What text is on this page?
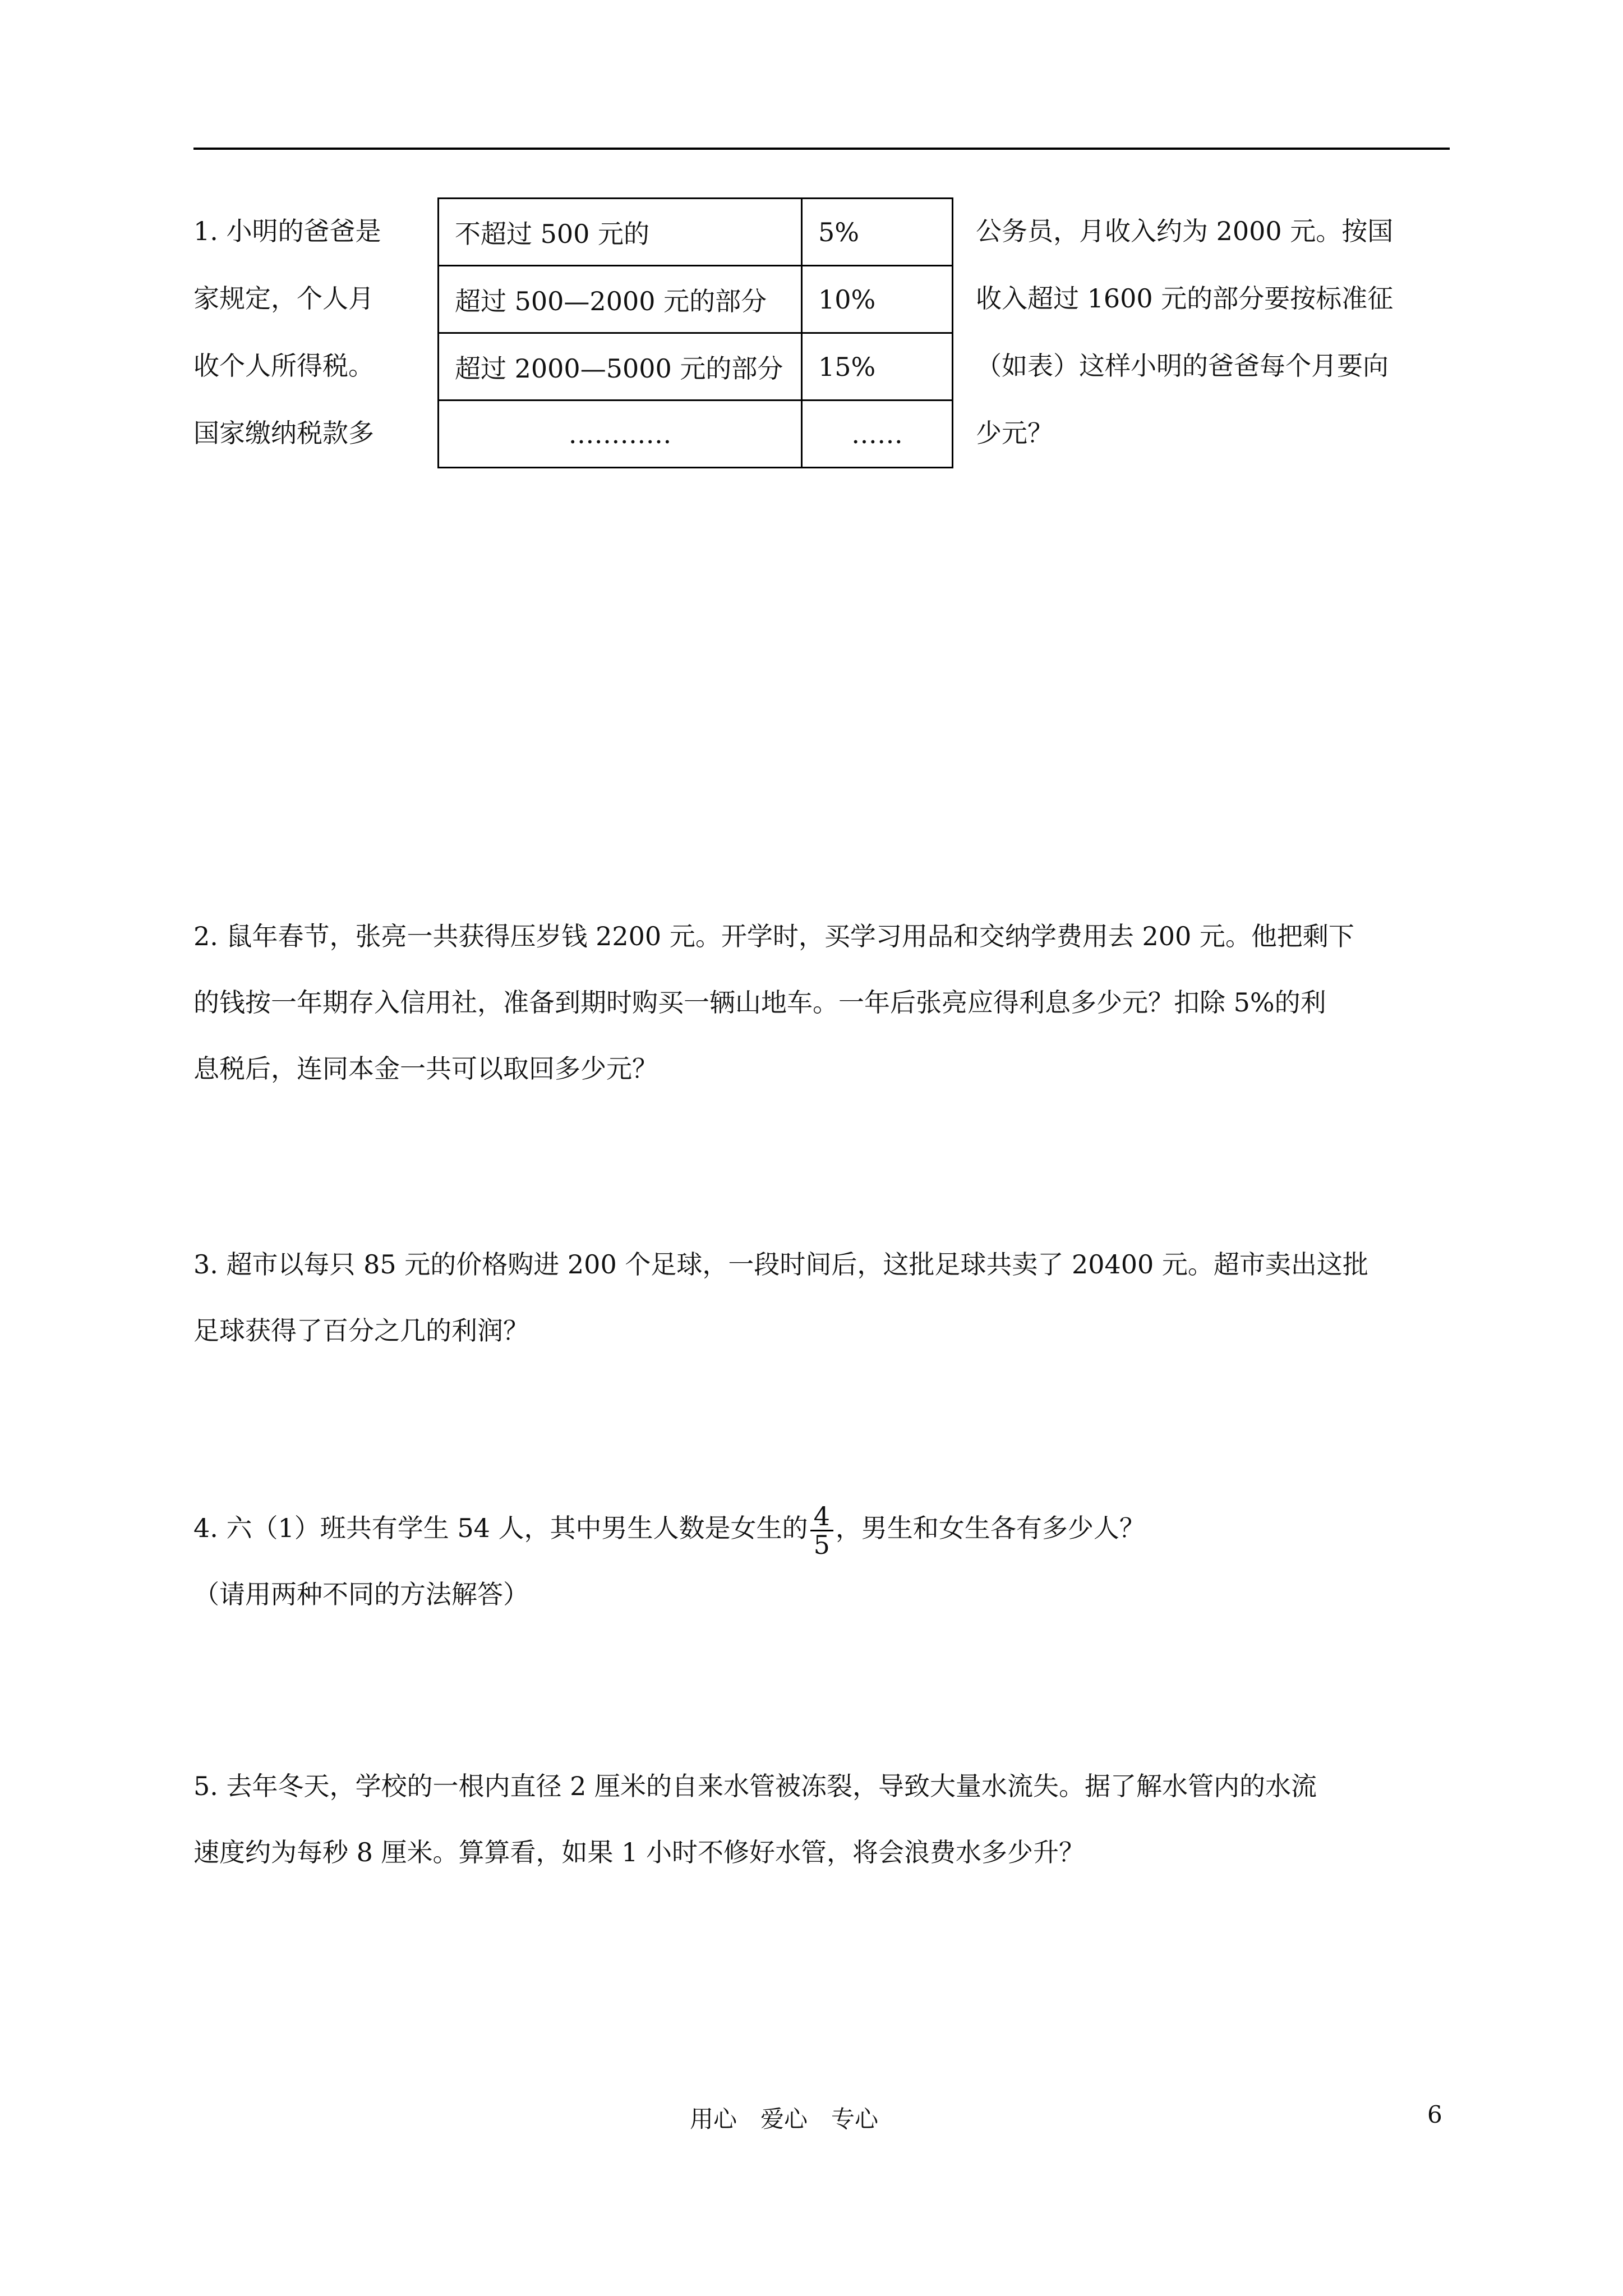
1. 小明的爸爸是
家规定，个人月
收个人所得税。
国家缴纳税款多
不超过 500 元的	5%
超过 500—2000 元的部分	10%
超过 2000—5000 元的部分	15%
…………	……
公务员，月收入约为 2000 元。按国
收入超过 1600 元的部分要按标准征
（如表）这样小明的爸爸每个月要向
少元？
2. 鼠年春节，张亮一共获得压岁钱 2200 元。开学时，买学习用品和交纳学费用去 200 元。他把剩下
的钱按一年期存入信用社，准备到期时购买一辆山地车。一年后张亮应得利息多少元？扣除 5%的利
息税后，连同本金一共可以取回多少元？
3. 超市以每只 85 元的价格购进 200 个足球，一段时间后，这批足球共卖了 20400 元。超市卖出这批
足球获得了百分之几的利润？
4. 六（1）班共有学生 54 人，其中男生人数是女生的 $\frac{4}{5}$ ，男生和女生各有多少人？
（请用两种不同的方法解答）
5. 去年冬天，学校的一根内直径 2 厘米的自来水管被冻裂，导致大量水流失。据了解水管内的水流
速度约为每秒 8 厘米。算算看，如果 1 小时不修好水管，将会浪费水多少升？
用心　爱心　专心	6
